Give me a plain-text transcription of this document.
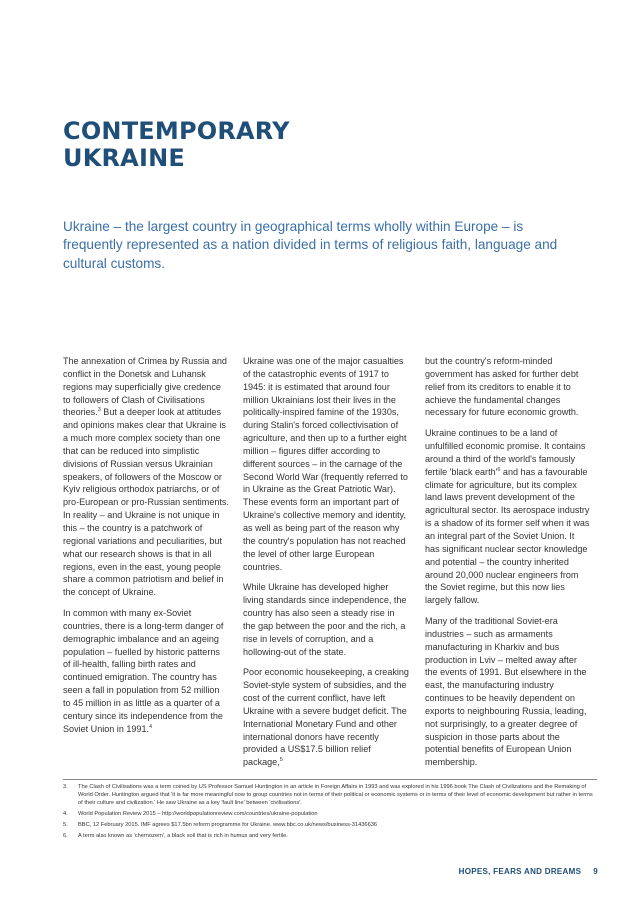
CONTEMPORARY
UKRAINE

Ukraine – the largest country in geographical terms wholly within Europe – is frequently represented as a nation divided in terms of religious faith, language and cultural customs.

The annexation of Crimea by Russia and conflict in the Donetsk and Luhansk regions may superficially give credence to followers of Clash of Civilisations theories.$^3$ But a deeper look at attitudes and opinions makes clear that Ukraine is a much more complex society than one that can be reduced into simplistic divisions of Russian versus Ukrainian speakers, of followers of the Moscow or Kyiv religious orthodox patriarchs, or of pro-European or pro-Russian sentiments. In reality – and Ukraine is not unique in this – the country is a patchwork of regional variations and peculiarities, but what our research shows is that in all regions, even in the east, young people share a common patriotism and belief in the concept of Ukraine.

In common with many ex-Soviet countries, there is a long-term danger of demographic imbalance and an ageing population – fuelled by historic patterns of ill-health, falling birth rates and continued emigration. The country has seen a fall in population from 52 million to 45 million in as little as a quarter of a century since its independence from the Soviet Union in 1991.$^4$

Ukraine was one of the major casualties of the catastrophic events of 1917 to 1945: it is estimated that around four million Ukrainians lost their lives in the politically-inspired famine of the 1930s, during Stalin's forced collectivisation of agriculture, and then up to a further eight million – figures differ according to different sources – in the carnage of the Second World War (frequently referred to in Ukraine as the Great Patriotic War). These events form an important part of Ukraine's collective memory and identity, as well as being part of the reason why the country's population has not reached the level of other large European countries.

While Ukraine has developed higher living standards since independence, the country has also seen a steady rise in the gap between the poor and the rich, a rise in levels of corruption, and a hollowing-out of the state.

Poor economic housekeeping, a creaking Soviet-style system of subsidies, and the cost of the current conflict, have left Ukraine with a severe budget deficit. The International Monetary Fund and other international donors have recently provided a US$17.5 billion relief package,$^5$

but the country's reform-minded government has asked for further debt relief from its creditors to enable it to achieve the fundamental changes necessary for future economic growth.

Ukraine continues to be a land of unfulfilled economic promise. It contains around a third of the world's famously fertile 'black $earth'^6$ and has a favourable climate for agriculture, but its complex land laws prevent development of the agricultural sector. Its aerospace industry is a shadow of its former self when it was an integral part of the Soviet Union. It has significant nuclear sector knowledge and potential – the country inherited around 20,000 nuclear engineers from the Soviet regime, but this now lies largely fallow.

Many of the traditional Soviet-era industries – such as armaments manufacturing in Kharkiv and bus production in Lviv – melted away after the events of 1991. But elsewhere in the east, the manufacturing industry continues to be heavily dependent on exports to neighbouring Russia, leading, not surprisingly, to a greater degree of suspicion in those parts about the potential benefits of European Union membership.

3.	The Clash of Civilisations was a term coined by US Professor Samuel Huntington in an article in Foreign Affairs in 1993 and was explored in his 1996 book The Clash of Civilizations and the Remaking of World Order. Huntington argued that 'it is far more meaningful now to group countries not in terms of their political or economic systems or in terms of their level of economic development but rather in terms of their culture and civilization.' He saw Ukraine as a key 'fault line' between 'civilisations'.
4.	World Population Review 2015 – http://worldpopulationreview.com/countries/ukraine-population
5.	BBC, 12 February 2015. IMF agrees $17.5bn reform programme for Ukraine. www.bbc.co.uk/news/business-31436636
6.	A term also known as 'chernozem', a black soil that is rich in humus and very fertile.
HOPES, FEARS AND DREAMS 9
